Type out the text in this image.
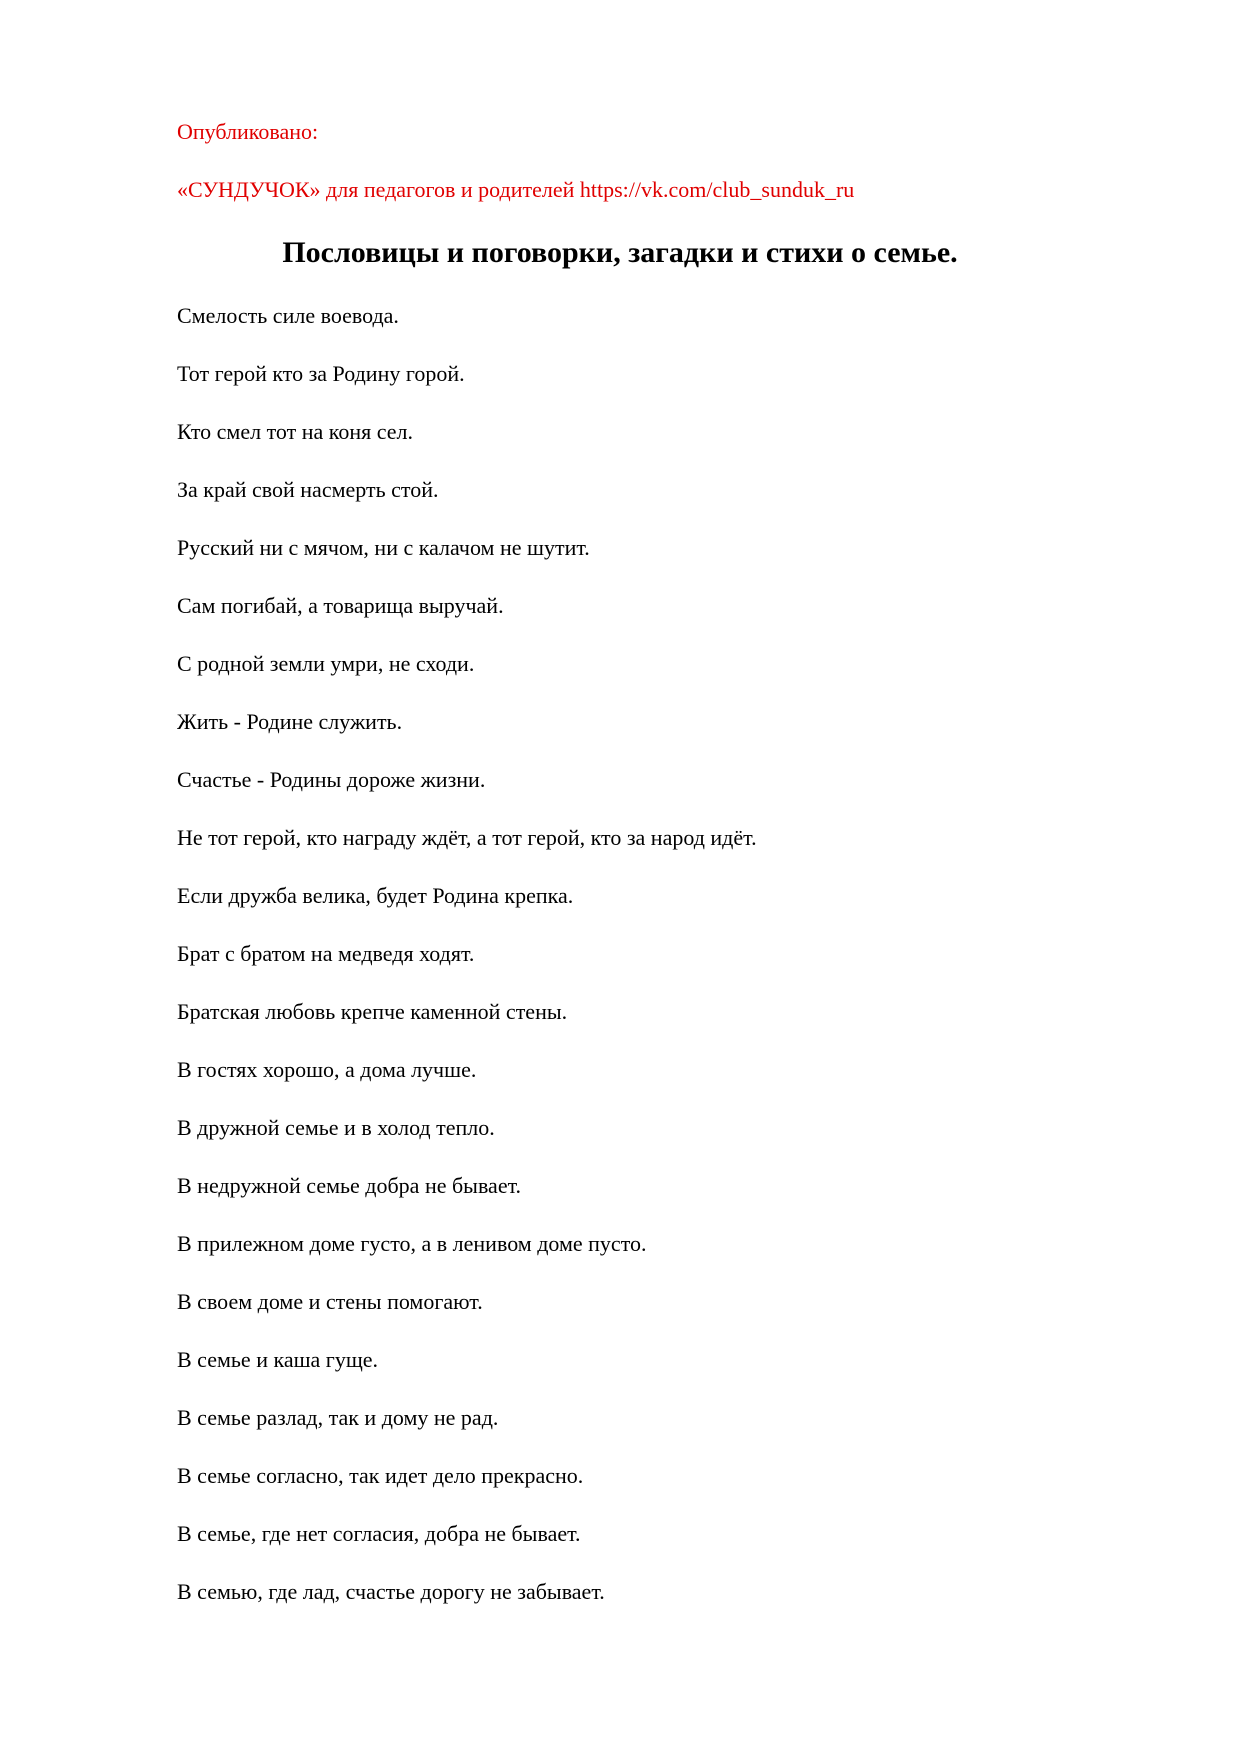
Опубликовано:
«СУНДУЧОК» для педагогов и родителей https://vk.com/club_sunduk_ru
Пословицы и поговорки, загадки и стихи о семье.
Смелость силе воевода.
Тот герой кто за Родину горой.
Кто смел тот на коня сел.
За край свой насмерть стой.
Русский ни с мячом, ни с калачом не шутит.
Сам погибай, а товарища выручай.
С родной земли умри, не сходи.
Жить - Родине служить.
Счастье - Родины дороже жизни.
Не тот герой, кто награду ждёт, а тот герой, кто за народ идёт.
Если дружба велика, будет Родина крепка.
Брат с братом на медведя ходят.
Братская любовь крепче каменной стены.
В гостях хорошо, а дома лучше.
В дружной семье и в холод тепло.
В недружной семье добра не бывает.
В прилежном доме густо, а в ленивом доме пусто.
В своем доме и стены помогают.
В семье и каша гуще.
В семье разлад, так и дому не рад.
В семье согласно, так идет дело прекрасно.
В семье, где нет согласия, добра не бывает.
В семью, где лад, счастье дорогу не забывает.
